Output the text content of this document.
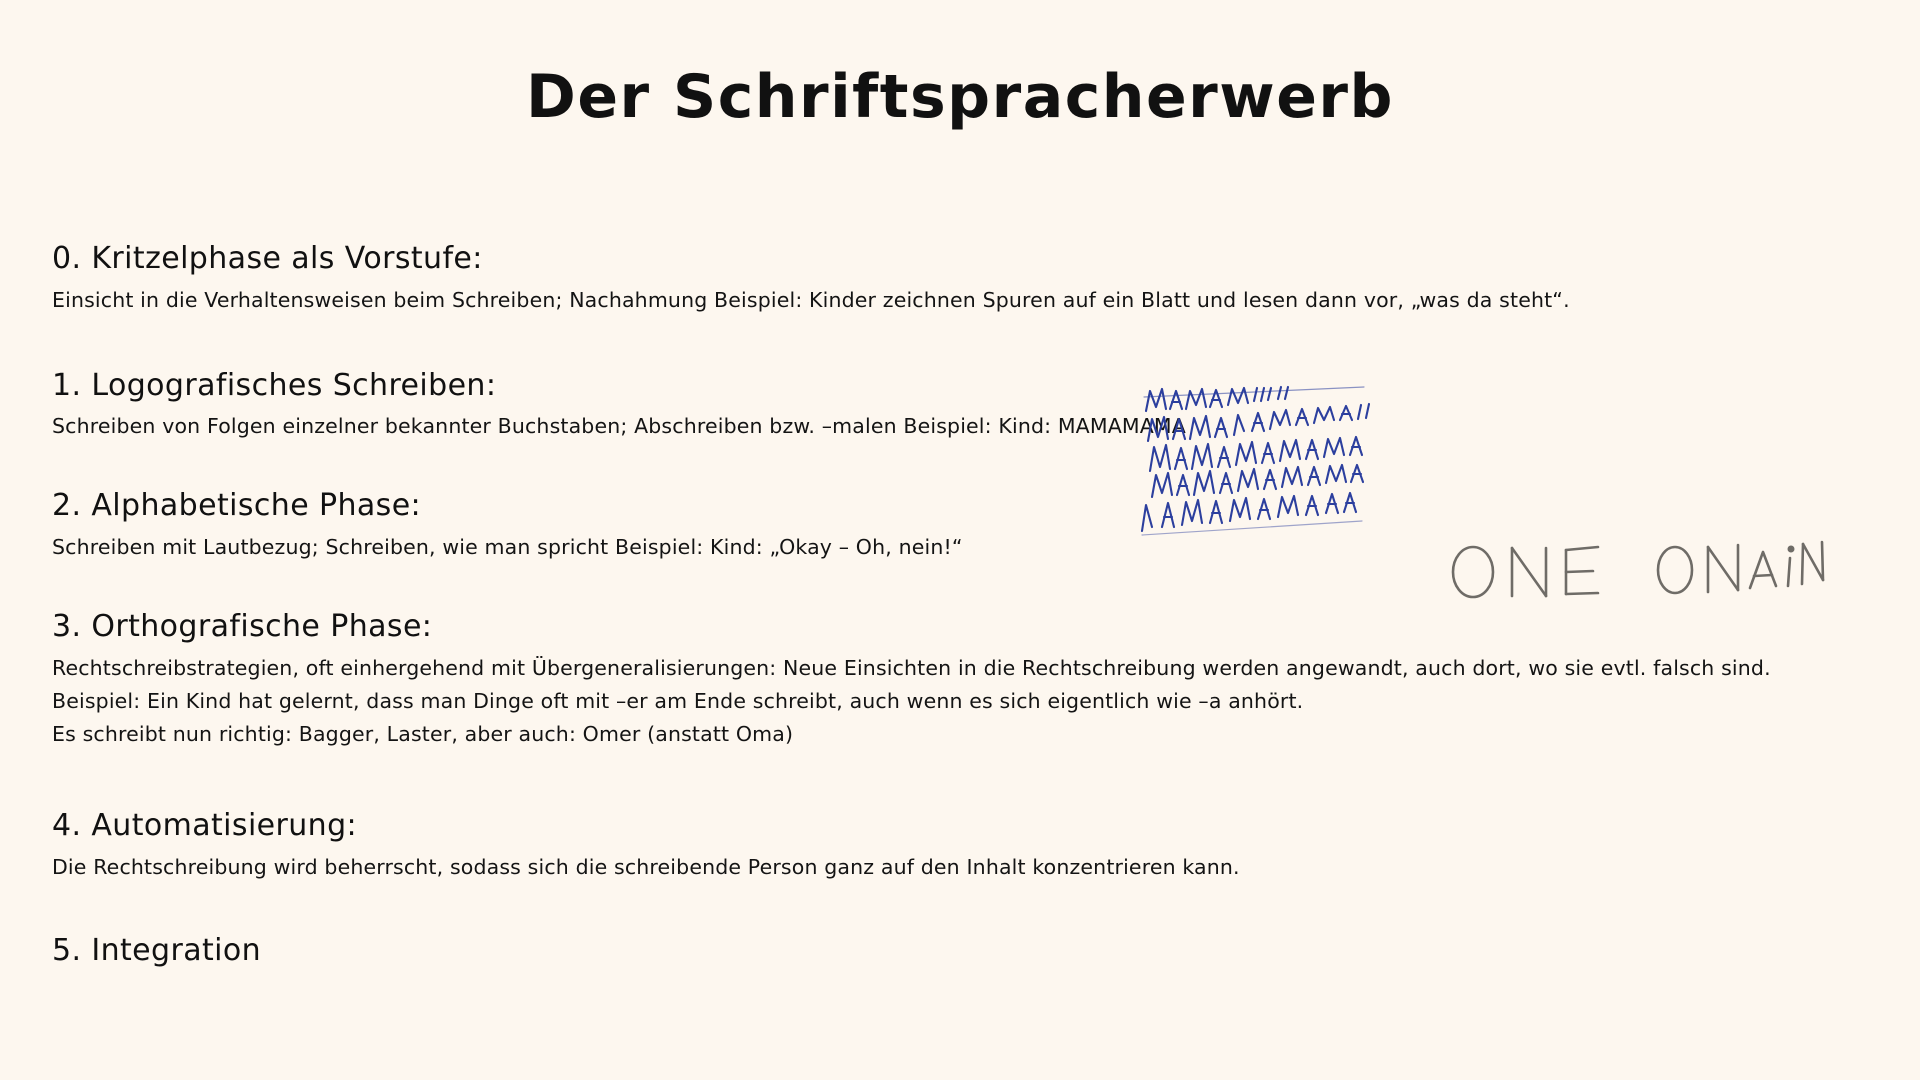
Der Schriftspracherwerb

0. Kritzelphase als Vorstufe:

Einsicht in die Verhaltensweisen beim Schreiben; Nachahmung Beispiel: Kinder zeichnen Spuren auf ein Blatt und lesen dann vor, „was da steht“.

1. Logografisches Schreiben:

Schreiben von Folgen einzelner bekannter Buchstaben; Abschreiben bzw. –malen Beispiel: Kind: MAMAMAMA

2. Alphabetische Phase:

Schreiben mit Lautbezug; Schreiben, wie man spricht Beispiel: Kind: „Okay – Oh, nein!“

3. Orthografische Phase:

Rechtschreibstrategien, oft einhergehend mit Übergeneralisierungen: Neue Einsichten in die Rechtschreibung werden angewandt, auch dort, wo sie evtl. falsch sind.

Beispiel: Ein Kind hat gelernt, dass man Dinge oft mit –er am Ende schreibt, auch wenn es sich eigentlich wie –a anhört.

Es schreibt nun richtig: Bagger, Laster, aber auch: Omer (anstatt Oma)

4. Automatisierung:

Die Rechtschreibung wird beherrscht, sodass sich die schreibende Person ganz auf den Inhalt konzentrieren kann.

5. Integration
